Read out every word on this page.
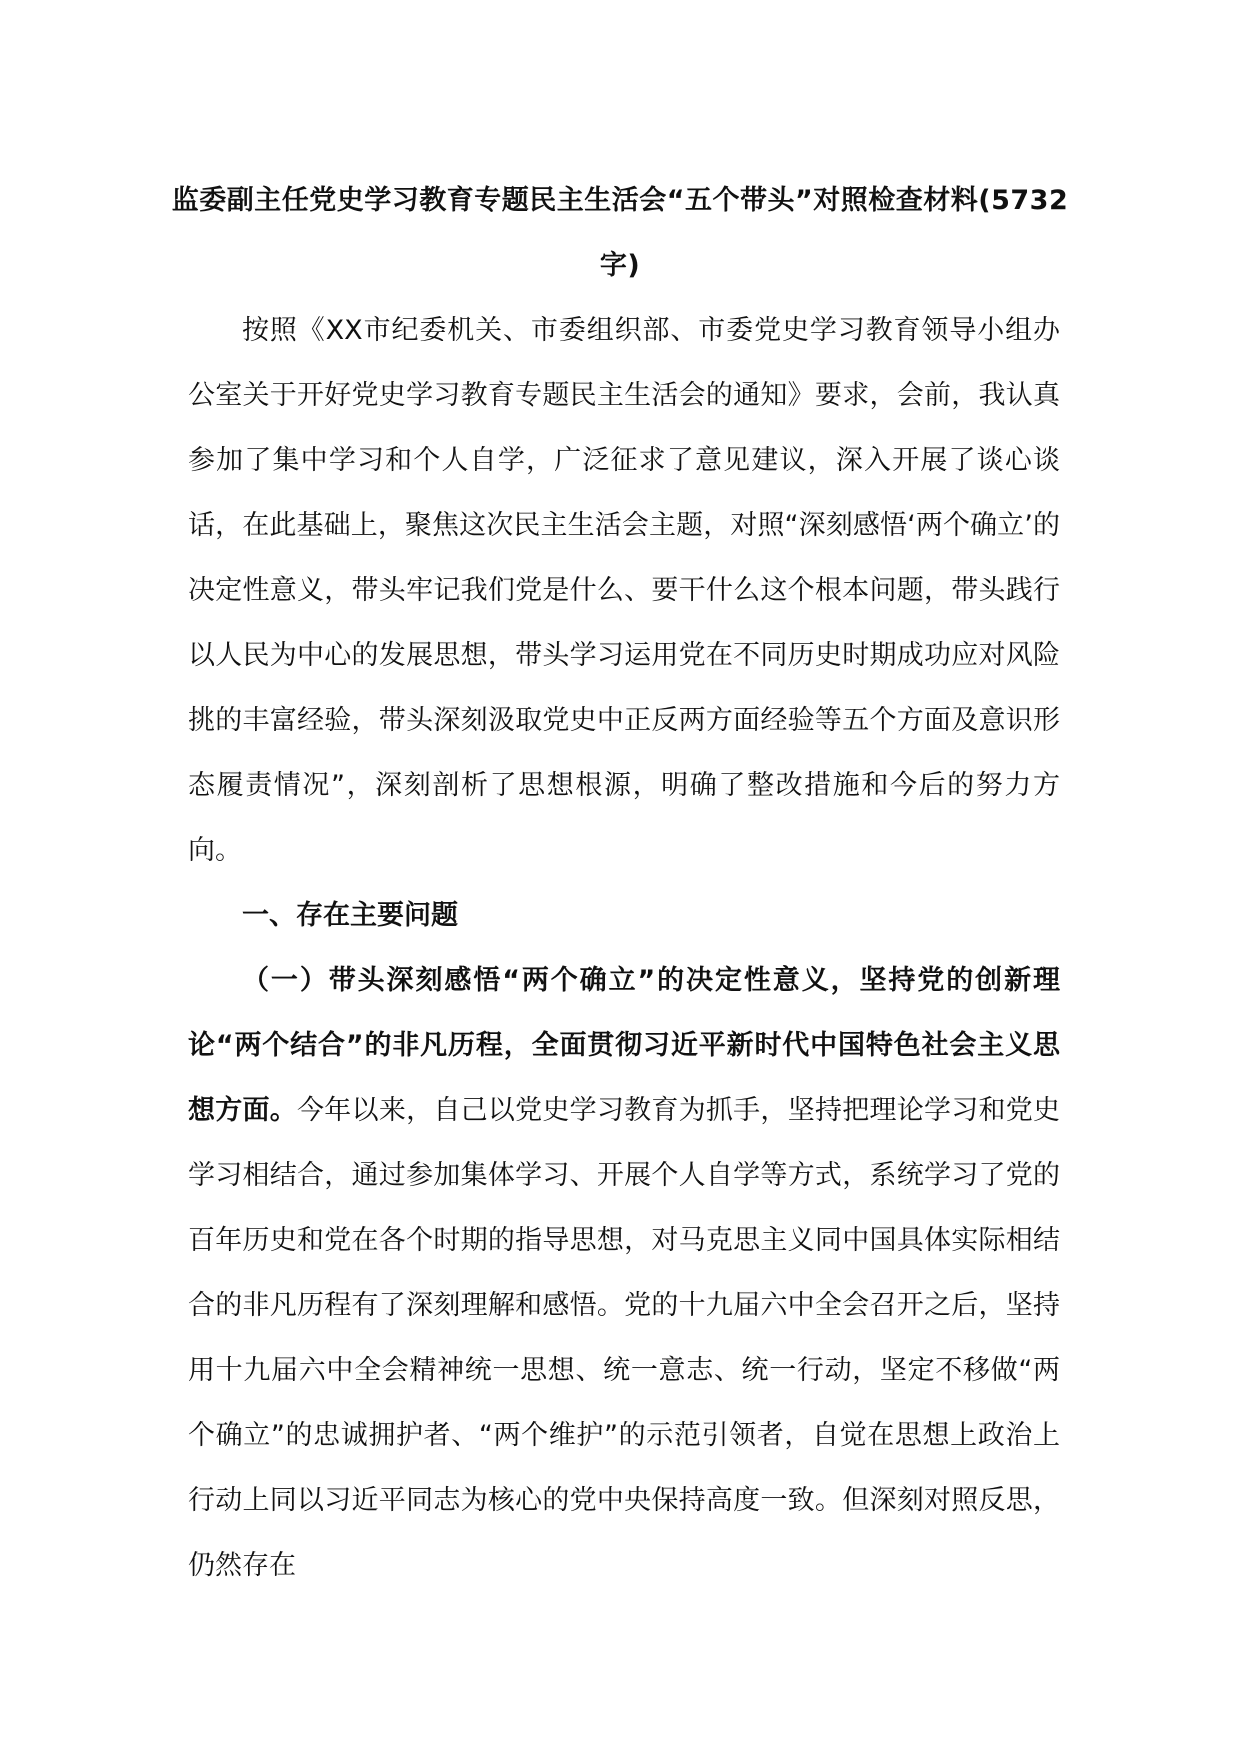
监委副主任党史学习教育专题民主生活会“五个带头”对照检查材料(5732字)

按照《XX市纪委机关、市委组织部、市委党史学习教育领导小组办公室关于开好党史学习教育专题民主生活会的通知》要求，会前，我认真参加了集中学习和个人自学，广泛征求了意见建议，深入开展了谈心谈话，在此基础上，聚焦这次民主生活会主题，对照“深刻感悟‘两个确立’的决定性意义，带头牢记我们党是什么、要干什么这个根本问题，带头践行以人民为中心的发展思想，带头学习运用党在不同历史时期成功应对风险挑的丰富经验，带头深刻汲取党史中正反两方面经验等五个方面及意识形态履责情况”，深刻剖析了思想根源，明确了整改措施和今后的努力方向。

一、存在主要问题

（一）带头深刻感悟“两个确立”的决定性意义，坚持党的创新理论“两个结合”的非凡历程，全面贯彻习近平新时代中国特色社会主义思想方面。今年以来，自己以党史学习教育为抓手，坚持把理论学习和党史学习相结合，通过参加集体学习、开展个人自学等方式，系统学习了党的百年历史和党在各个时期的指导思想，对马克思主义同中国具体实际相结合的非凡历程有了深刻理解和感悟。党的十九届六中全会召开之后，坚持用十九届六中全会精神统一思想、统一意志、统一行动，坚定不移做“两个确立”的忠诚拥护者、“两个维护”的示范引领者，自觉在思想上政治上行动上同以习近平同志为核心的党中央保持高度一致。但深刻对照反思，仍然存在
